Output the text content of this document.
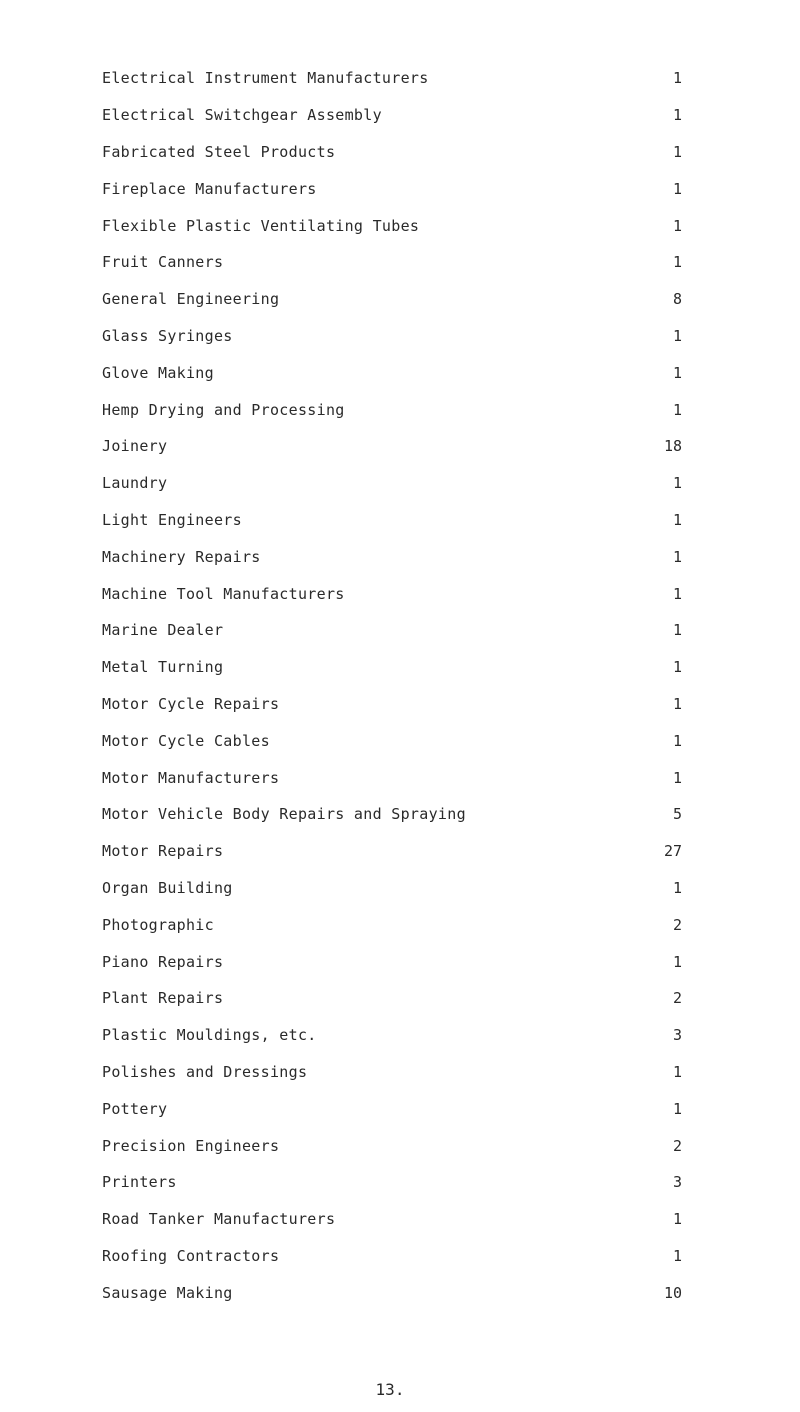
Electrical Instrument Manufacturers	1
Electrical Switchgear Assembly	1
Fabricated Steel Products	1
Fireplace Manufacturers	1
Flexible Plastic Ventilating Tubes	1
Fruit Canners	1
General Engineering	8
Glass Syringes	1
Glove Making	1
Hemp Drying and Processing	1
Joinery	18
Laundry	1
Light Engineers	1
Machinery Repairs	1
Machine Tool Manufacturers	1
Marine Dealer	1
Metal Turning	1
Motor Cycle Repairs	1
Motor Cycle Cables	1
Motor Manufacturers	1
Motor Vehicle Body Repairs and Spraying	5
Motor Repairs	27
Organ Building	1
Photographic	2
Piano Repairs	1
Plant Repairs	2
Plastic Mouldings, etc.	3
Polishes and Dressings	1
Pottery	1
Precision Engineers	2
Printers	3
Road Tanker Manufacturers	1
Roofing Contractors	1
Sausage Making	10
13.
